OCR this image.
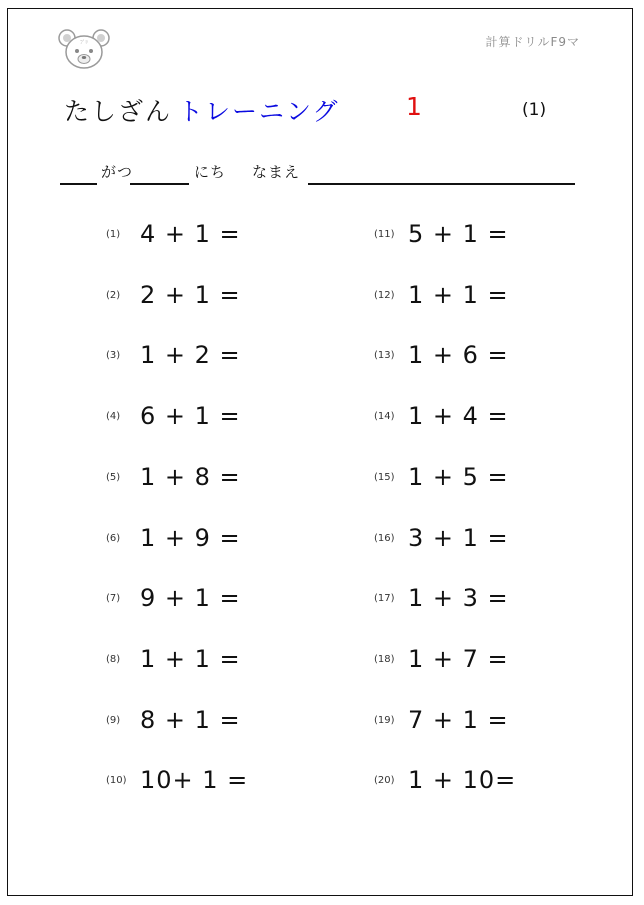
ﾌﾟﾘ	計算ドリルF9マ
たしざん トレーニング	1	(1)
がつ	にち なまえ
(1) 4 + 1 =
(2) 2 + 1 =
(3) 1 + 2 =
(4) 6 + 1 =
(5) 1 + 8 =
(6) 1 + 9 =
(7) 9 + 1 =
(8) 1 + 1 =
(9) 8 + 1 =
(10) 10+ 1 =
(11) 5 + 1 =
(12) 1 + 1 =
(13) 1 + 6 =
(14) 1 + 4 =
(15) 1 + 5 =
(16) 3 + 1 =
(17) 1 + 3 =
(18) 1 + 7 =
(19) 7 + 1 =
(20) 1 + 10=
